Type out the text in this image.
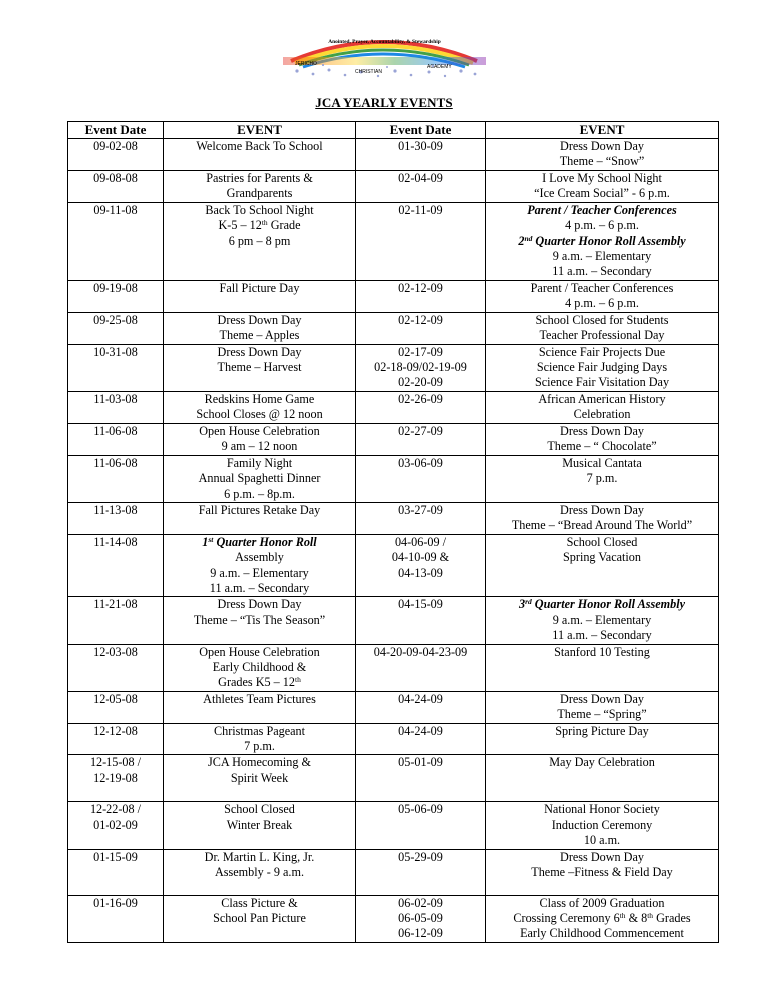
Anointed, Prayer, Accountability, & Stewardship
JERICHO
CHRISTIAN
ACADEMY
JCA YEARLY EVENTS
Event Date	EVENT	Event Date	EVENT

09-02-08	Welcome Back To School	01-30-09	Dress Down Day
Theme – “Snow”

09-08-08	Pastries for Parents &
Grandparents	02-04-09	I Love My School Night
“Ice Cream Social” - 6 p.m.

09-11-08	Back To School Night
K-5 – 12th Grade
6 pm – 8 pm	02-11-09	Parent / Teacher Conferences
4 p.m. – 6 p.m.
2nd Quarter Honor Roll Assembly
9 a.m. – Elementary
11 a.m. – Secondary

09-19-08	Fall Picture Day	02-12-09	Parent / Teacher Conferences
4 p.m. – 6 p.m.

09-25-08	Dress Down Day
Theme – Apples	02-12-09	School Closed for Students
Teacher Professional Day

10-31-08	Dress Down Day
Theme – Harvest	02-17-09
02-18-09/02-19-09
02-20-09	Science Fair Projects Due
Science Fair Judging Days
Science Fair Visitation Day

11-03-08	Redskins Home Game
School Closes @ 12 noon	02-26-09	African American History
Celebration

11-06-08	Open House Celebration
9 am – 12 noon	02-27-09	Dress Down Day
Theme – “ Chocolate”

11-06-08	Family Night
Annual Spaghetti Dinner
6 p.m. – 8p.m.	03-06-09	Musical Cantata
7 p.m.

11-13-08	Fall Pictures Retake Day	03-27-09	Dress Down Day
Theme – “Bread Around The World”

11-14-08	1st Quarter Honor Roll
Assembly
9 a.m. – Elementary
11 a.m. – Secondary	04-06-09 /
04-10-09 &
04-13-09	School Closed
Spring Vacation

11-21-08	Dress Down Day
Theme – “Tis The Season”	04-15-09	3rd Quarter Honor Roll Assembly
9 a.m. – Elementary
11 a.m. – Secondary

12-03-08	Open House Celebration
Early Childhood &
Grades K5 – 12th	04-20-09-04-23-09	Stanford 10 Testing

12-05-08	Athletes Team Pictures	04-24-09	Dress Down Day
Theme – “Spring”

12-12-08	Christmas Pageant
7 p.m.	04-24-09	Spring Picture Day

12-15-08 /
12-19-08	JCA Homecoming &
Spirit Week	05-01-09	May Day Celebration

12-22-08 /
01-02-09	School Closed
Winter Break	05-06-09	National Honor Society
Induction Ceremony
10 a.m.

01-15-09	Dr. Martin L. King, Jr.
Assembly - 9 a.m.	05-29-09	Dress Down Day
Theme –Fitness & Field Day

01-16-09	Class Picture &
School Pan Picture	06-02-09
06-05-09
06-12-09	Class of 2009 Graduation
Crossing Ceremony 6th & 8th Grades
Early Childhood Commencement
